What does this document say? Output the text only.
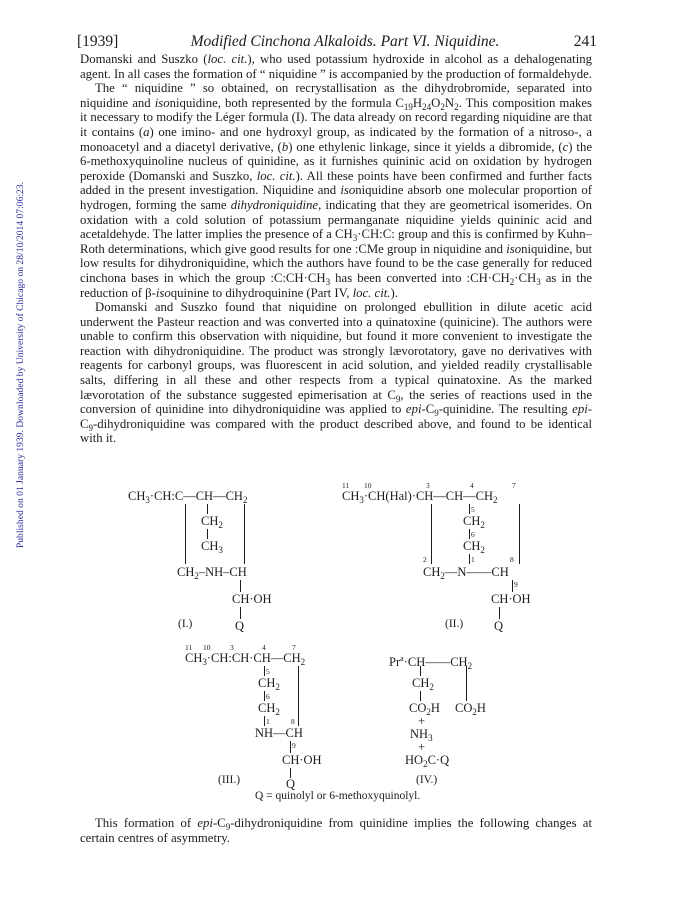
Published on 01 January 1939. Downloaded by University of Chicago on 28/10/2014 07:06:23.
[1939]	Modified Cinchona Alkaloids. Part VI. Niquidine.	241

Domanski and Suszko (loc. cit.), who used potassium hydroxide in alcohol as a dehalogenating agent. In all cases the formation of “ niquidine ” is accompanied by the production of formaldehyde.

The “ niquidine ” so obtained, on recrystallisation as the dihydrobromide, separated into niquidine and isoniquidine, both represented by the formula $C_{19}H_{24}O_2N_2$. This composition makes it necessary to modify the Léger formula (I). The data already on record regarding niquidine are that it contains (a) one imino- and one hydroxyl group, as indicated by the formation of a nitroso-, a monoacetyl and a diacetyl derivative, (b) one ethylenic linkage, since it yields a dibromide, (c) the 6-methoxyquinoline nucleus of quinidine, as it furnishes quininic acid on oxidation by hydrogen peroxide (Domanski and Suszko, loc. cit.). All these points have been confirmed and further facts added in the present investigation. Niquidine and isoniquidine absorb one molecular proportion of hydrogen, forming the same dihydroniquidine, indicating that they are geometrical isomerides. On oxidation with a cold solution of potassium permanganate niquidine yields quininic acid and acetaldehyde. The latter implies the presence of a $CH_3\cdot CH:C$: group and this is confirmed by Kuhn–Roth determinations, which give good results for one :CMe group in niquidine and isoniquidine, but low results for dihydroniquidine, which the authors have found to be the case generally for reduced cinchona bases in which the group $:C:CH\cdot CH_3$ has been converted into $:CH\cdot CH_2\cdot CH_3$ as in the reduction of β-isoquinine to dihydroquinine (Part IV, loc. cit.).

Domanski and Suszko found that niquidine on prolonged ebullition in dilute acetic acid underwent the Pasteur reaction and was converted into a quinatoxine (quinicine). The authors were unable to confirm this observation with niquidine, but found it more convenient to investigate the reaction with dihydroniquidine. The product was strongly lævorotatory, gave no derivatives with reagents for carbonyl groups, was fluorescent in acid solution, and yielded readily crystallisable salts, differing in all these and other respects from a typical quinatoxine. As the marked lævorotation of the substance suggested epimerisation at $C_9$, the series of reactions used in the conversion of quinidine into dihydroniquidine was applied to epi-$C_9$-quinidine. The resulting epi-$C_9$-dihydroniquidine was compared with the product described above, and found to be identical with it.

$CH_3\cdot CH:C—CH—CH_2$
$CH_2$
$CH_3$
$CH_2-NH-CH$
CH·OH
Q
(I.)
11 10	3	4	7
$CH_3\cdot CH(Hal)\cdot CH—CH—CH_2$
5
$CH_2$
6
$CH_2$
1
2	8
$CH_2—N——CH$
9
CH·OH
Q
(II.)
11 10	3	4	7
$CH_3\cdot CH:CH\cdot CH—CH_2$
5
$CH_2$
6
$CH_2$
1	8
NH—CH
9
CH·OH
Q
(III.)
$Pr^a\cdot CH——CH_2$
$CH_2$
$CO_2H$ $CO_2H$
+
$NH_3$
+
$HO_2C\cdot Q$
(IV.)
Q = quinolyl or 6-methoxyquinolyl.
This formation of epi-$C_9$-dihydroniquidine from quinidine implies the following changes at certain centres of asymmetry.
